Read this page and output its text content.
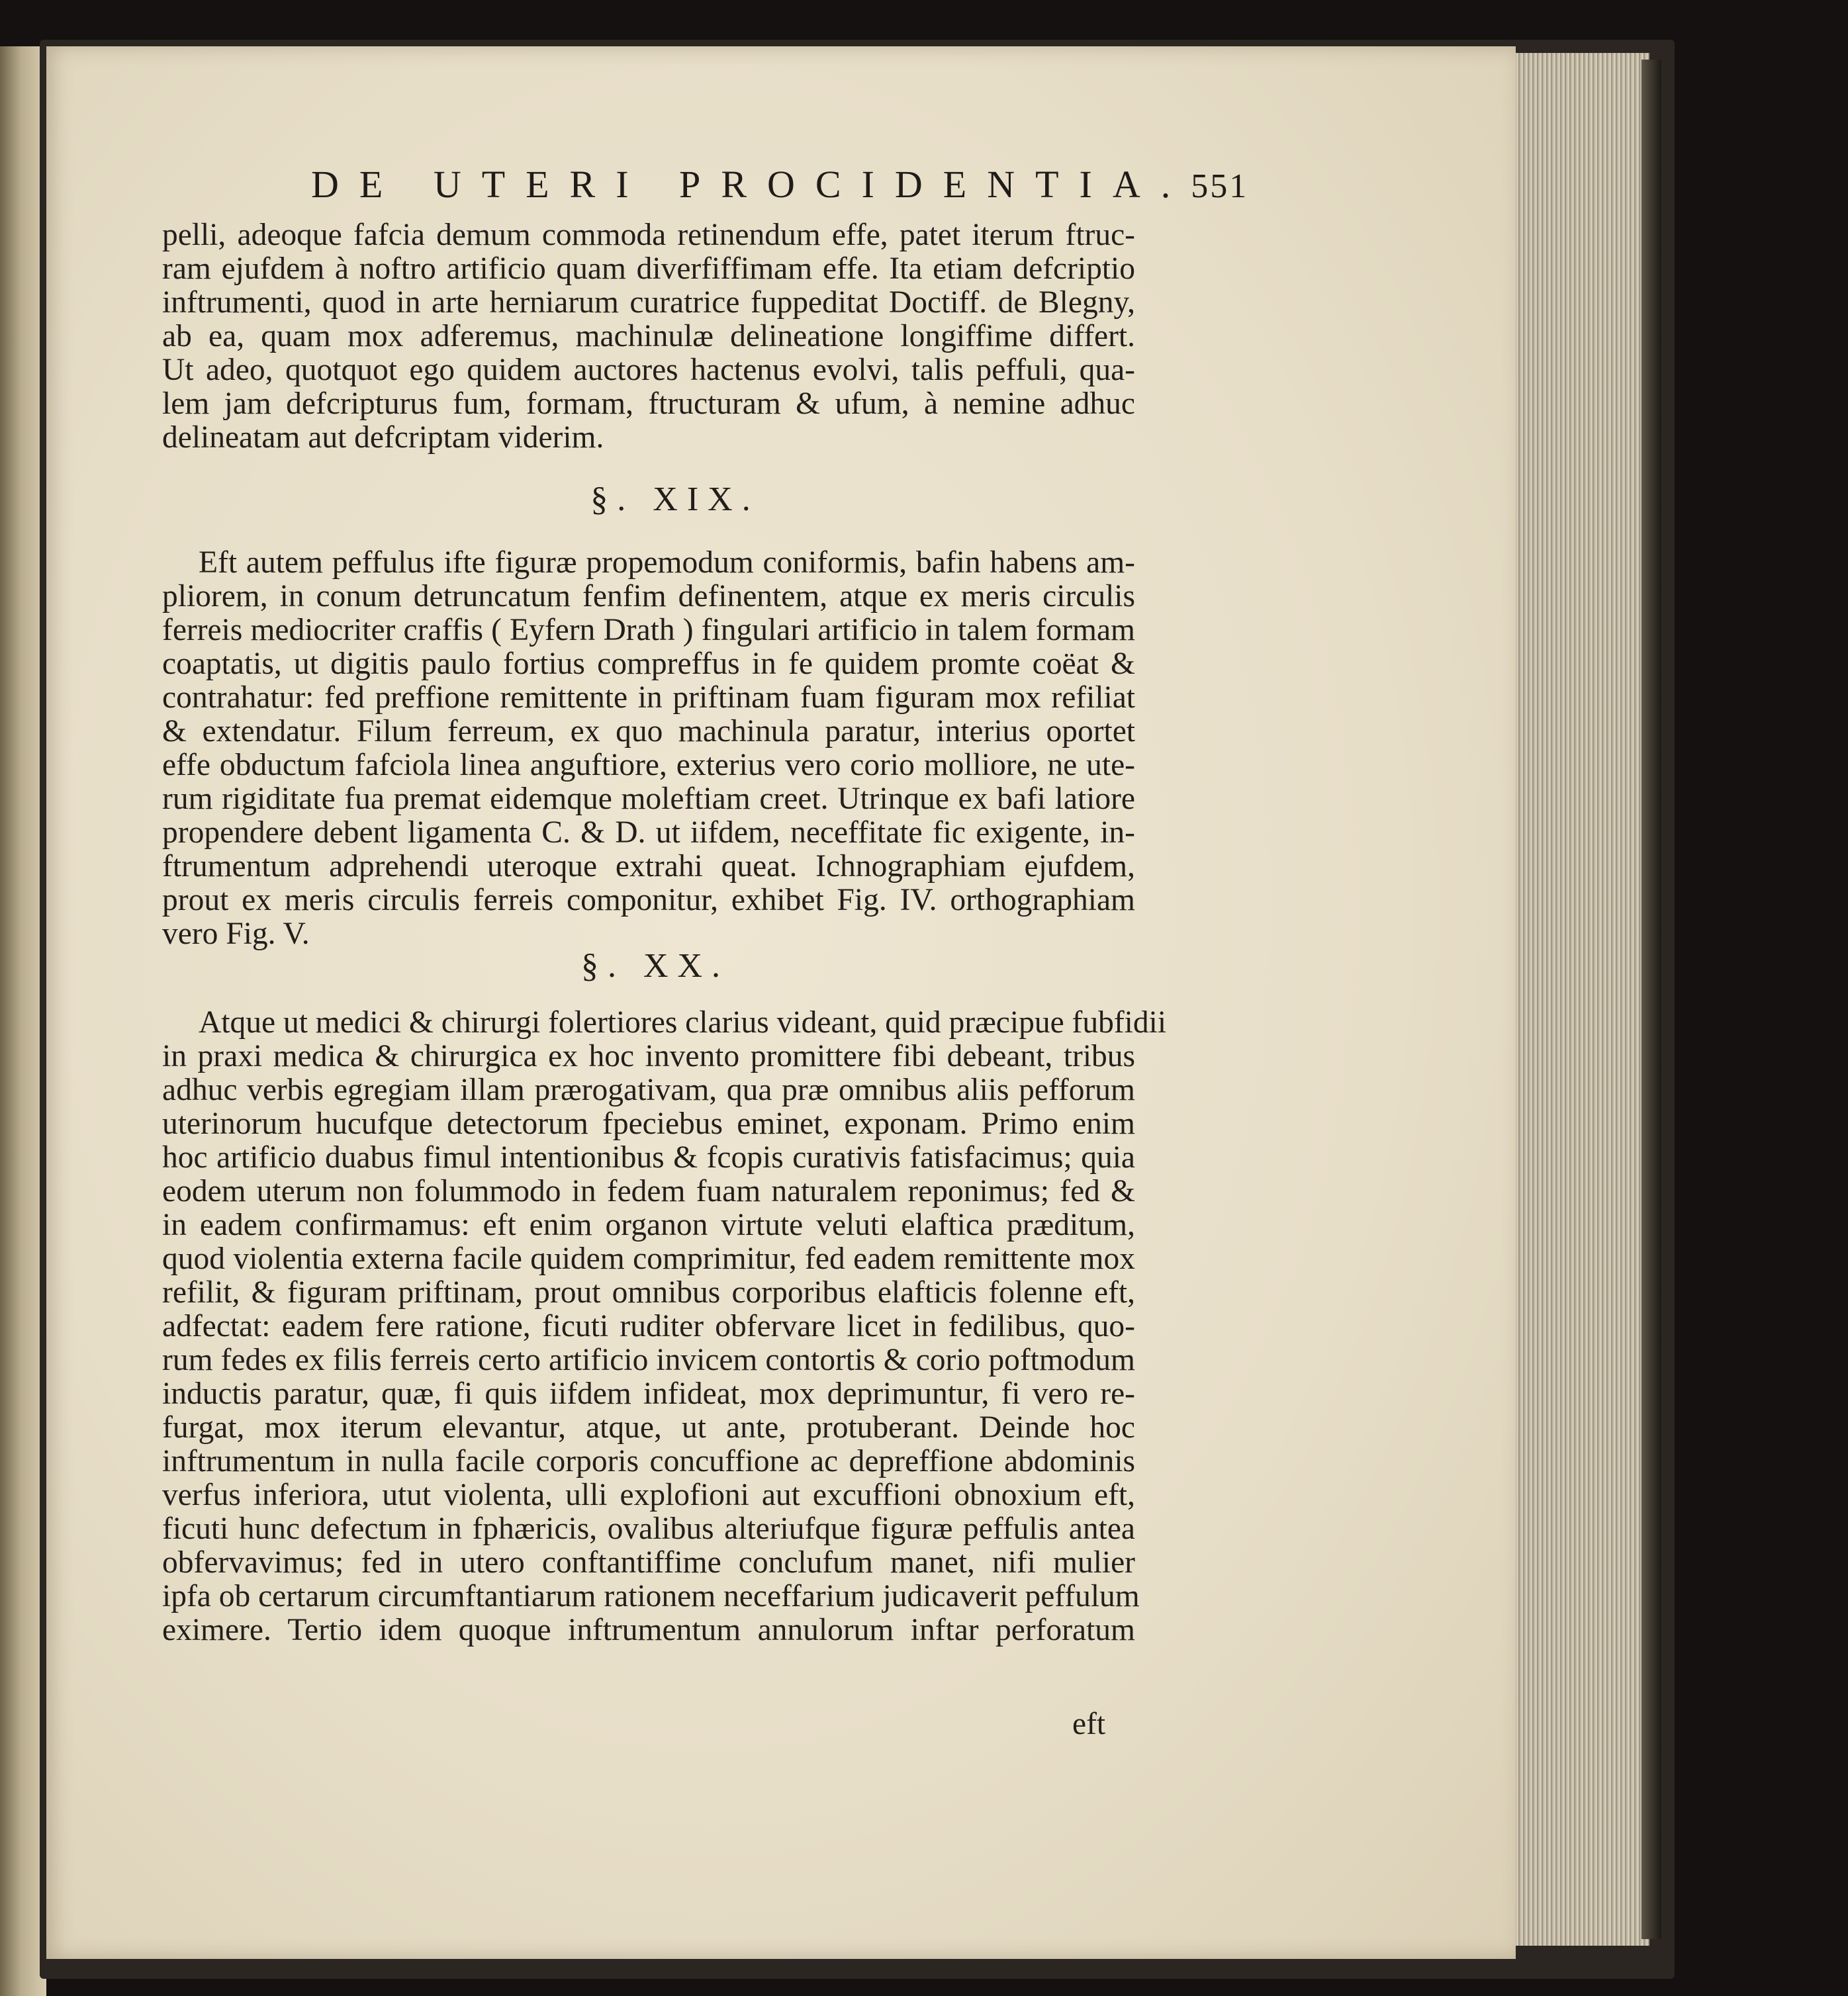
DE UTERI PROCIDENTIA. 551
pelli, adeoque fafcia demum commoda retinendum effe, patet iterum ftruc-
ram ejufdem à noftro artificio quam diverfiffimam effe. Ita etiam defcriptio
inftrumenti, quod in arte herniarum curatrice fuppeditat Doctiff. de Blegny,
ab ea, quam mox adferemus, machinulæ delineatione longiffime differt.
Ut adeo, quotquot ego quidem auctores hactenus evolvi, talis peffuli, qua-
lem jam defcripturus fum, formam, ftructuram & ufum, à nemine adhuc
delineatam aut defcriptam viderim.
§. XIX.
Eft autem peffulus ifte figuræ propemodum coniformis, bafin habens am-
pliorem, in conum detruncatum fenfim definentem, atque ex meris circulis
ferreis mediocriter craffis ( Eyfern Drath ) fingulari artificio in talem formam
coaptatis, ut digitis paulo fortius compreffus in fe quidem promte coëat &
contrahatur: fed preffione remittente in priftinam fuam figuram mox refiliat
& extendatur. Filum ferreum, ex quo machinula paratur, interius oportet
effe obductum fafciola linea anguftiore, exterius vero corio molliore, ne ute-
rum rigiditate fua premat eidemque moleftiam creet. Utrinque ex bafi latiore
propendere debent ligamenta C. & D. ut iifdem, neceffitate fic exigente, in-
ftrumentum adprehendi uteroque extrahi queat. Ichnographiam ejufdem,
prout ex meris circulis ferreis componitur, exhibet Fig. IV. orthographiam
vero Fig. V.
§. XX.
Atque ut medici & chirurgi folertiores clarius videant, quid præcipue fubfidii
in praxi medica & chirurgica ex hoc invento promittere fibi debeant, tribus
adhuc verbis egregiam illam prærogativam, qua præ omnibus aliis pefforum
uterinorum hucufque detectorum fpeciebus eminet, exponam. Primo enim
hoc artificio duabus fimul intentionibus & fcopis curativis fatisfacimus; quia
eodem uterum non folummodo in fedem fuam naturalem reponimus; fed &
in eadem confirmamus: eft enim organon virtute veluti elaftica præditum,
quod violentia externa facile quidem comprimitur, fed eadem remittente mox
refilit, & figuram priftinam, prout omnibus corporibus elafticis folenne eft,
adfectat: eadem fere ratione, ficuti ruditer obfervare licet in fedilibus, quo-
rum fedes ex filis ferreis certo artificio invicem contortis & corio poftmodum
inductis paratur, quæ, fi quis iifdem infideat, mox deprimuntur, fi vero re-
furgat, mox iterum elevantur, atque, ut ante, protuberant. Deinde hoc
inftrumentum in nulla facile corporis concuffione ac depreffione abdominis
verfus inferiora, utut violenta, ulli explofioni aut excuffioni obnoxium eft,
ficuti hunc defectum in fphæricis, ovalibus alteriufque figuræ peffulis antea
obfervavimus; fed in utero conftantiffime conclufum manet, nifi mulier
ipfa ob certarum circumftantiarum rationem neceffarium judicaverit peffulum
eximere. Tertio idem quoque inftrumentum annulorum inftar perforatum
eft
